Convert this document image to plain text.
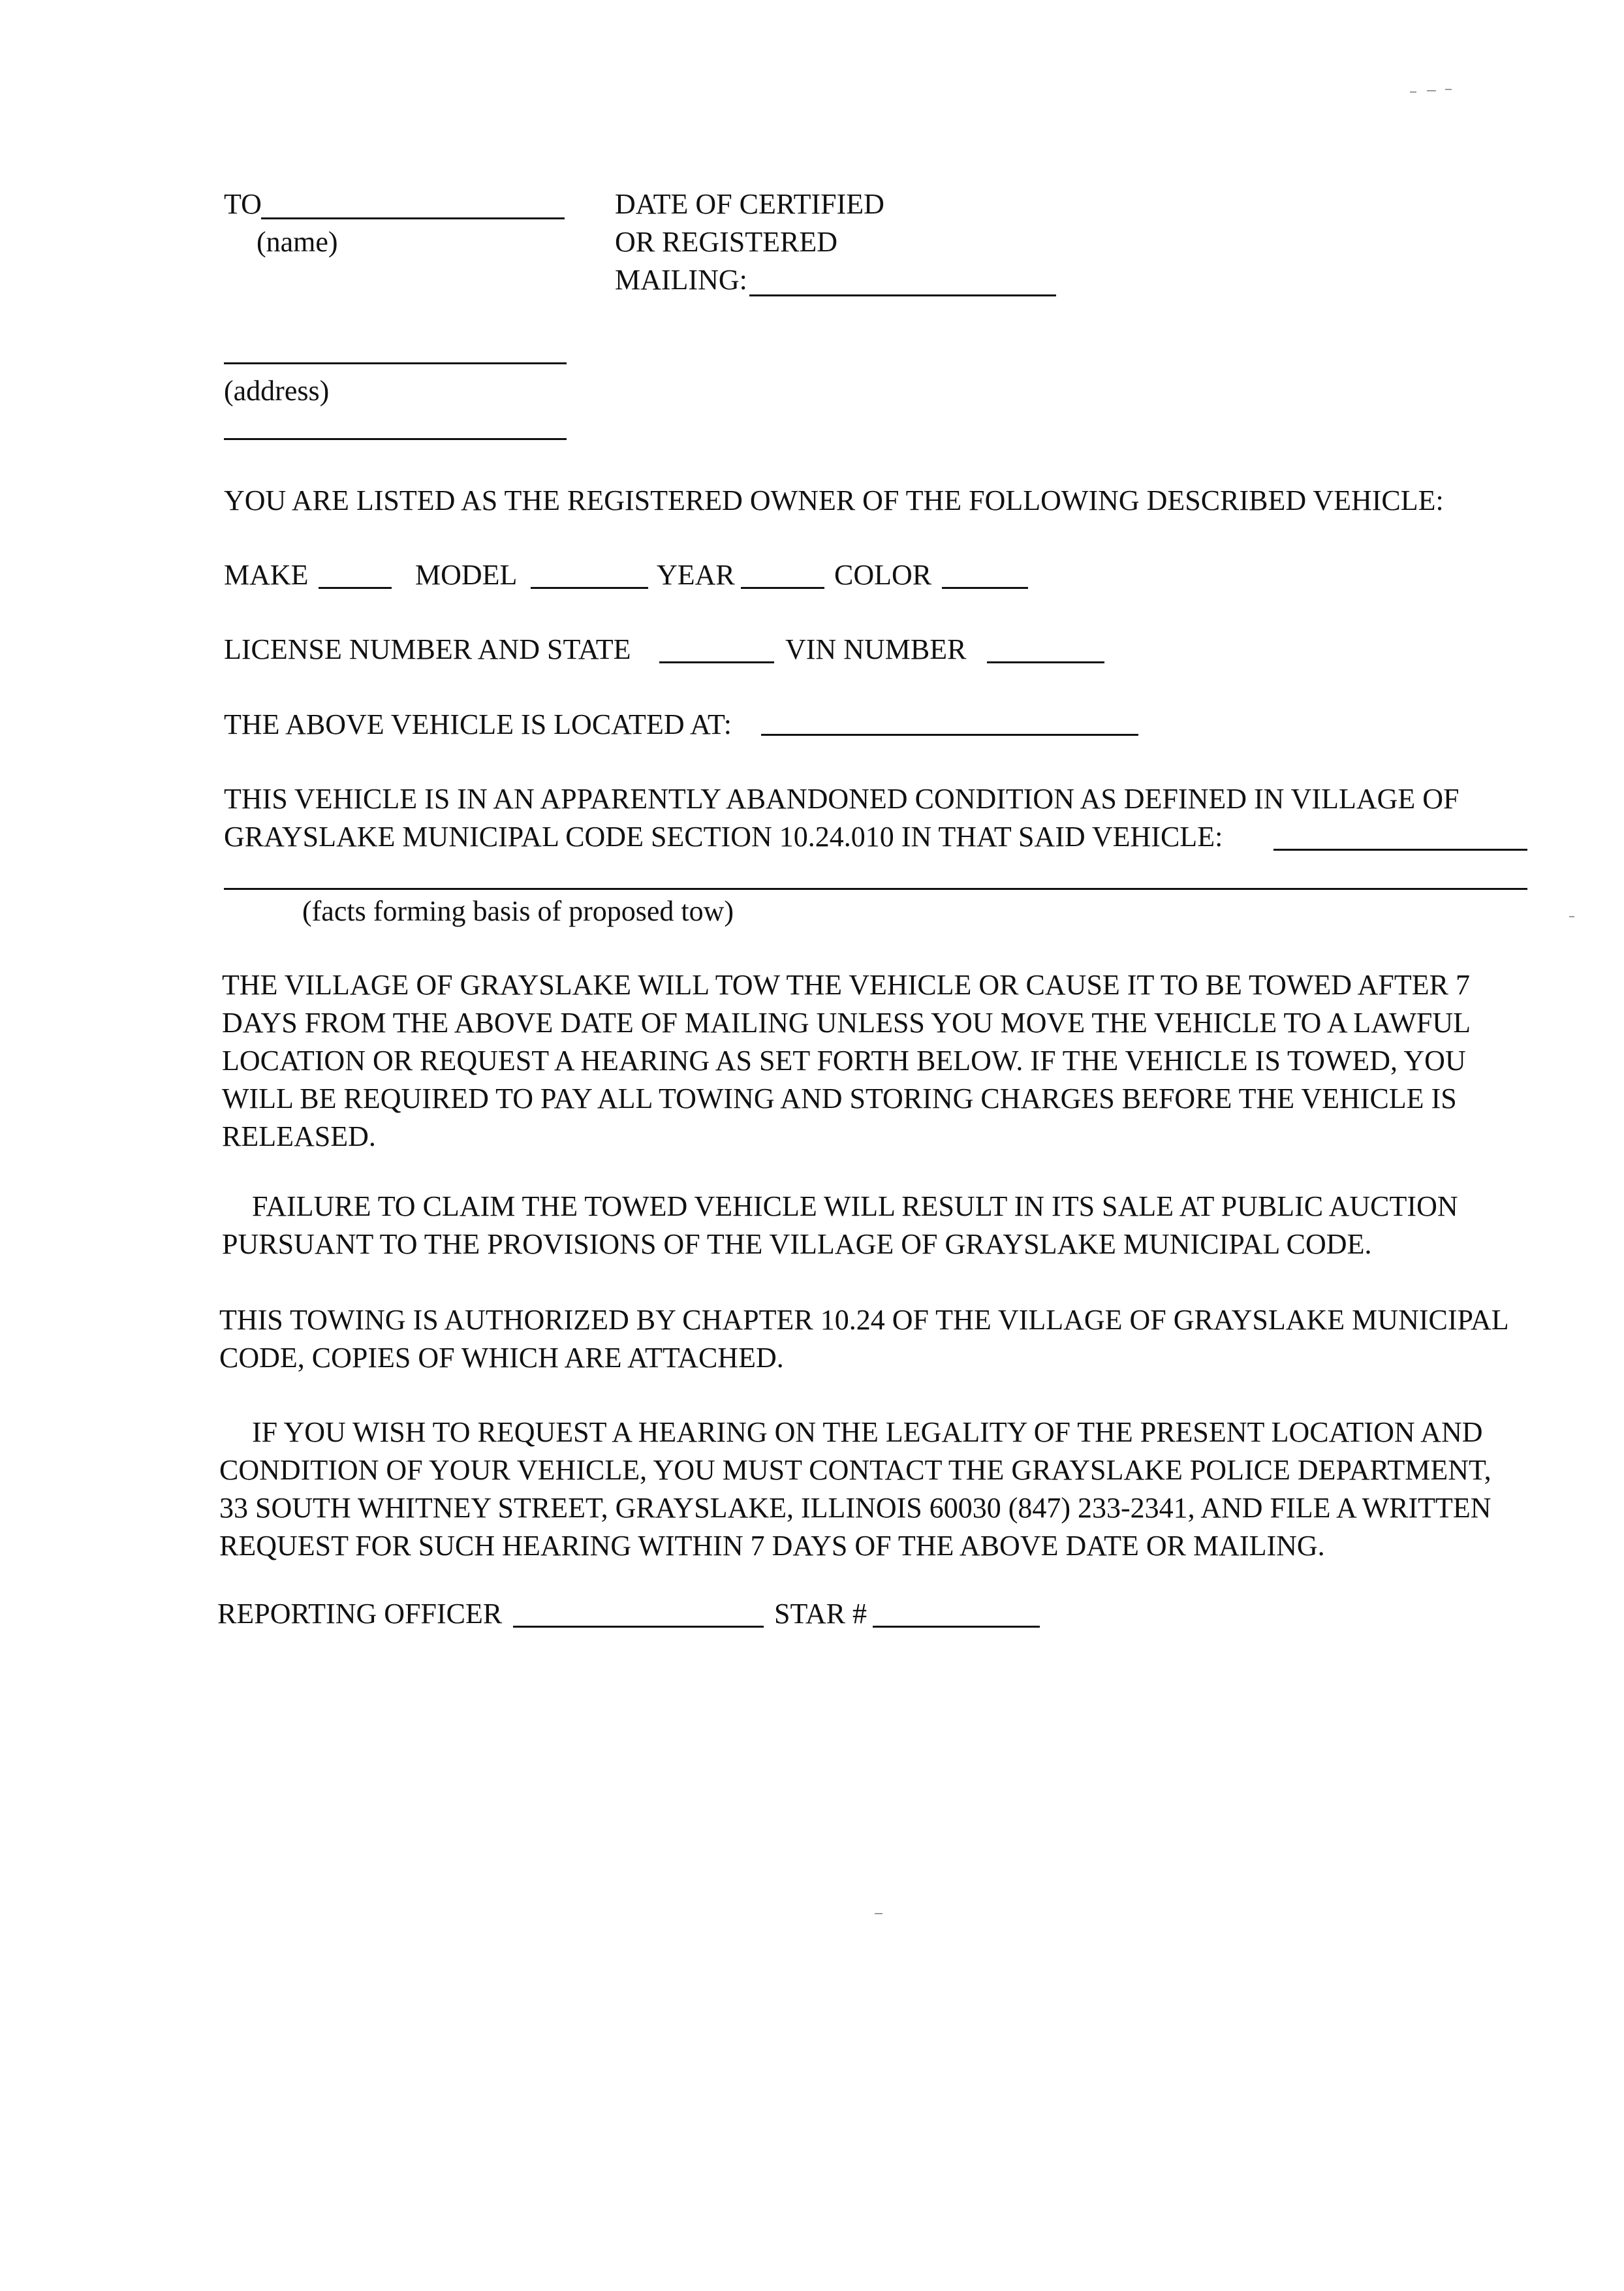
TO
(name)
DATE OF CERTIFIED
OR REGISTERED
MAILING:
(address)
YOU ARE LISTED AS THE REGISTERED OWNER OF THE FOLLOWING DESCRIBED VEHICLE:
MAKE	MODEL	YEAR	COLOR
LICENSE NUMBER AND STATE	VIN NUMBER
THE ABOVE VEHICLE IS LOCATED AT:
THIS VEHICLE IS IN AN APPARENTLY ABANDONED CONDITION AS DEFINED IN VILLAGE OF
GRAYSLAKE MUNICIPAL CODE SECTION 10.24.010 IN THAT SAID VEHICLE:
(facts forming basis of proposed tow)
THE VILLAGE OF GRAYSLAKE WILL TOW THE VEHICLE OR CAUSE IT TO BE TOWED AFTER 7
DAYS FROM THE ABOVE DATE OF MAILING UNLESS YOU MOVE THE VEHICLE TO A LAWFUL
LOCATION OR REQUEST A HEARING AS SET FORTH BELOW. IF THE VEHICLE IS TOWED, YOU
WILL BE REQUIRED TO PAY ALL TOWING AND STORING CHARGES BEFORE THE VEHICLE IS
RELEASED.
FAILURE TO CLAIM THE TOWED VEHICLE WILL RESULT IN ITS SALE AT PUBLIC AUCTION
PURSUANT TO THE PROVISIONS OF THE VILLAGE OF GRAYSLAKE MUNICIPAL CODE.
THIS TOWING IS AUTHORIZED BY CHAPTER 10.24 OF THE VILLAGE OF GRAYSLAKE MUNICIPAL
CODE, COPIES OF WHICH ARE ATTACHED.
IF YOU WISH TO REQUEST A HEARING ON THE LEGALITY OF THE PRESENT LOCATION AND
CONDITION OF YOUR VEHICLE, YOU MUST CONTACT THE GRAYSLAKE POLICE DEPARTMENT,
33 SOUTH WHITNEY STREET, GRAYSLAKE, ILLINOIS 60030 (847) 233-2341, AND FILE A WRITTEN
REQUEST FOR SUCH HEARING WITHIN 7 DAYS OF THE ABOVE DATE OR MAILING.
REPORTING OFFICER	STAR #
